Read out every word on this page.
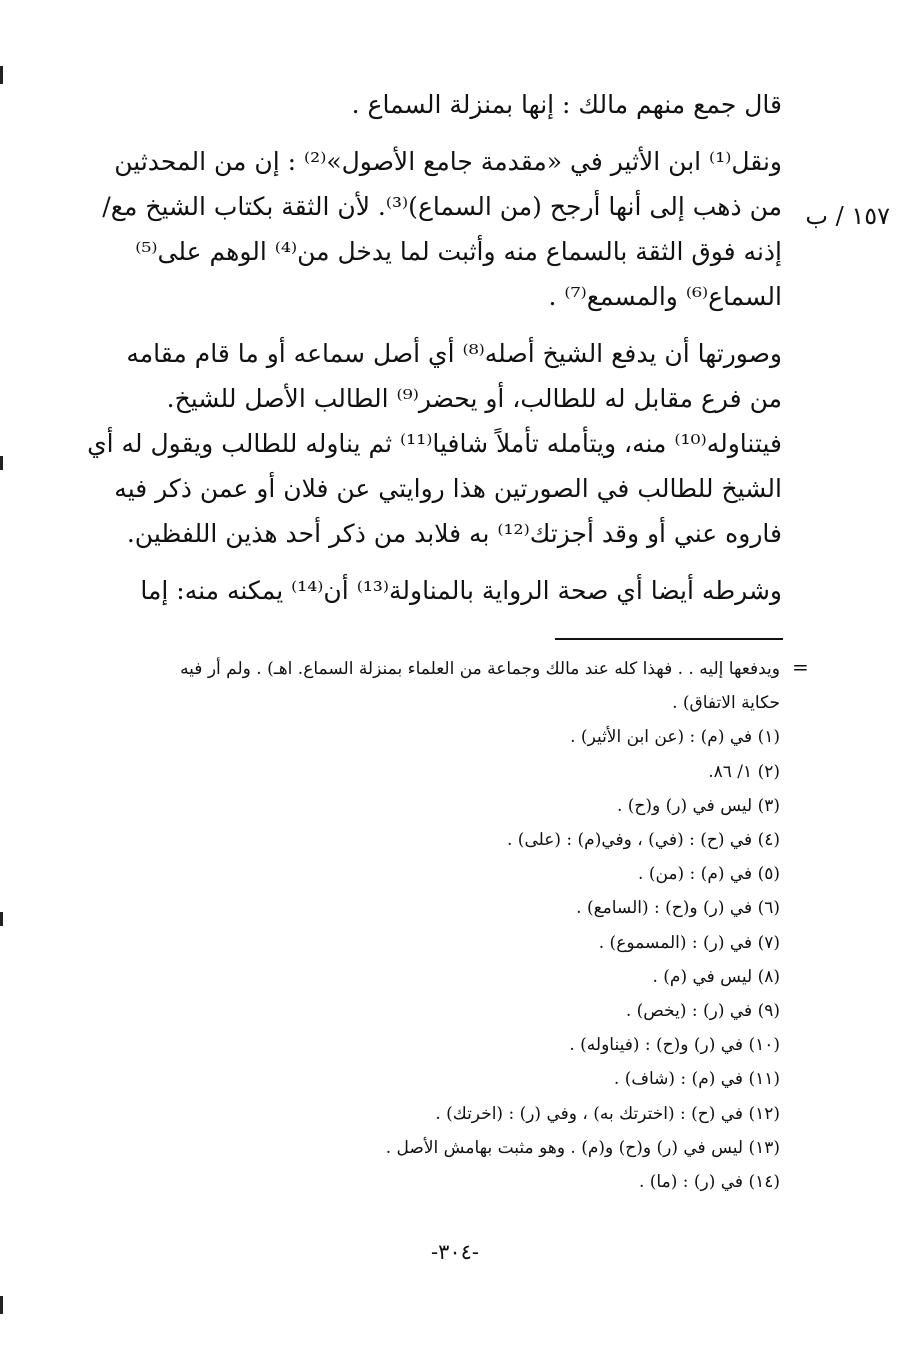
١٥٧ / ب

قال جمع منهم مالك : إنها بمنزلة السماع .

ونقل⁽¹⁾ ابن الأثير في «مقدمة جامع الأصول»⁽²⁾ : إن من المحدثين
من ذهب إلى أنها أرجح (من السماع)⁽³⁾. لأن الثقة بكتاب الشيخ مع/
إذنه فوق الثقة بالسماع منه وأثبت لما يدخل من⁽⁴⁾ الوهم على⁽⁵⁾
السماع⁽⁶⁾ والمسمع⁽⁷⁾ .

وصورتها أن يدفع الشيخ أصله⁽⁸⁾ أي أصل سماعه أو ما قام مقامه
من فرع مقابل له للطالب، أو يحضر⁽⁹⁾ الطالب الأصل للشيخ.
فيتناوله⁽¹⁰⁾ منه، ويتأمله تأملاً شافيا⁽¹¹⁾ ثم يناوله للطالب ويقول له أي
الشيخ للطالب في الصورتين هذا روايتي عن فلان أو عمن ذكر فيه
فاروه عني أو وقد أجزتك⁽¹²⁾ به فلابد من ذكر أحد هذين اللفظين.

وشرطه أيضا أي صحة الرواية بالمناولة⁽¹³⁾ أن⁽¹⁴⁾ يمكنه منه: إما

=
ويدفعها إليه . . فهذا كله عند مالك وجماعة من العلماء بمنزلة السماع. اهـ) . ولم أر فيه
حكاية الاتفاق) .
(١) في (م) : (عن ابن الأثير) .
(٢) ١/ ٨٦.
(٣) ليس في (ر) و(ح) .
(٤) في (ح) : (في) ، وفي(م) : (على) .
(٥) في (م) : (من) .
(٦) في (ر) و(ح) : (السامع) .
(٧) في (ر) : (المسموع) .
(٨) ليس في (م) .
(٩) في (ر) : (يخص) .
(١٠) في (ر) و(ح) : (فيناوله) .
(١١) في (م) : (شاف) .
(١٢) في (ح) : (اخترتك به) ، وفي (ر) : (اخرتك) .
(١٣) ليس في (ر) و(ح) و(م) . وهو مثبت بهامش الأصل .
(١٤) في (ر) : (ما) .
-٣٠٤-
